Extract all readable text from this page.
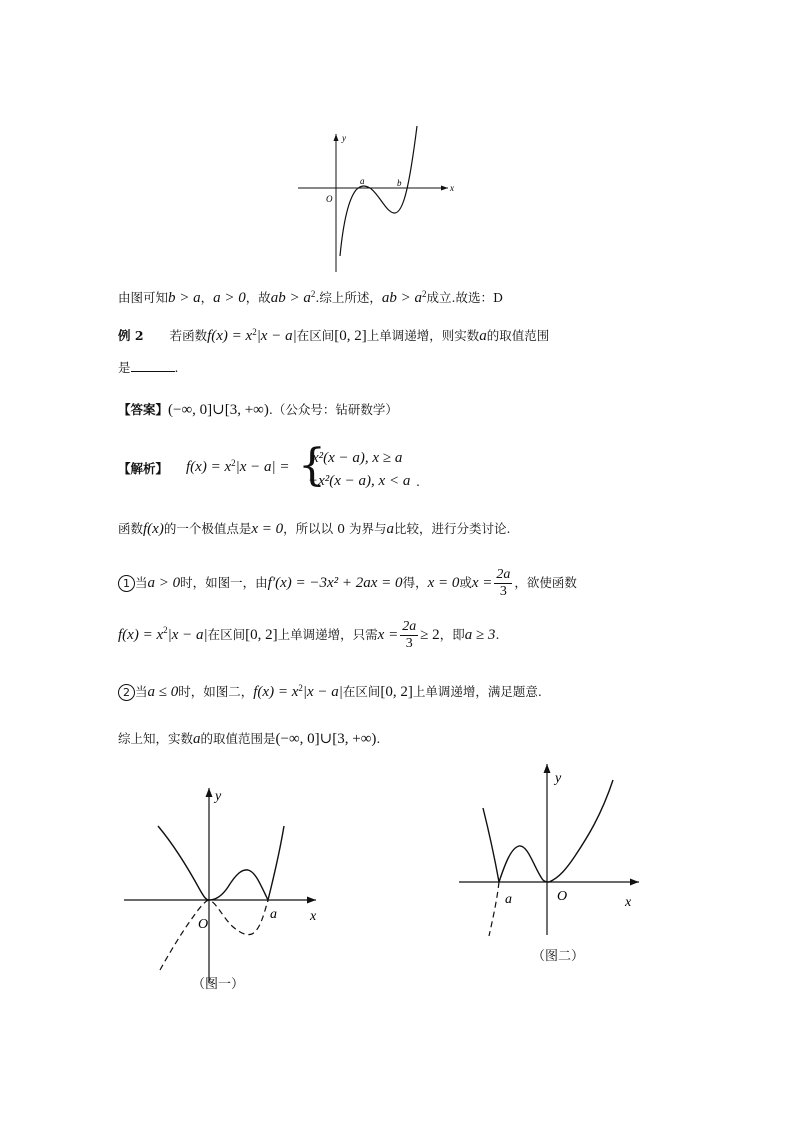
y
x
O
a	b
由图可知b > a，a > 0，故ab > $a^2$.综上所述，ab > $a^2$成立.故选：D
例 2 若函数$f(x) = x^2|x - a|$在区间[0, 2]上单调递增，则实数a的取值范围
是	.
【答案】(−∞, 0]∪[3, +∞).（公众号：钻研数学）
【解析】 $f(x) = x^2|x - a|$ = {
x²(x − a), x ≥ a
−x²(x − a), x < a .
函数f(x)的一个极值点是x = 0，所以以 0 为界与a比较，进行分类讨论.
1 当 a > 0 时，如图一，由 f′(x) = −3x² + 2ax = 0 得， x = 0 或 $x = \frac{2a}{3}$ ，欲使函数
$f(x) = x^2$ |x − a| 在区间 [0, 2] 上单调递增，只需 $x = \frac{2a}{3} \ge 2$ ，即 a ≥ 3 .
2 当 a ≤ 0 时，如图二， $f(x) = x^2$ |x − a| 在区间 [0, 2] 上单调递增，满足题意.
综上知，实数a的取值范围是(−∞, 0]∪[3, +∞).
y
x
O
a
（图一）
y
x
O
a
（图二）
